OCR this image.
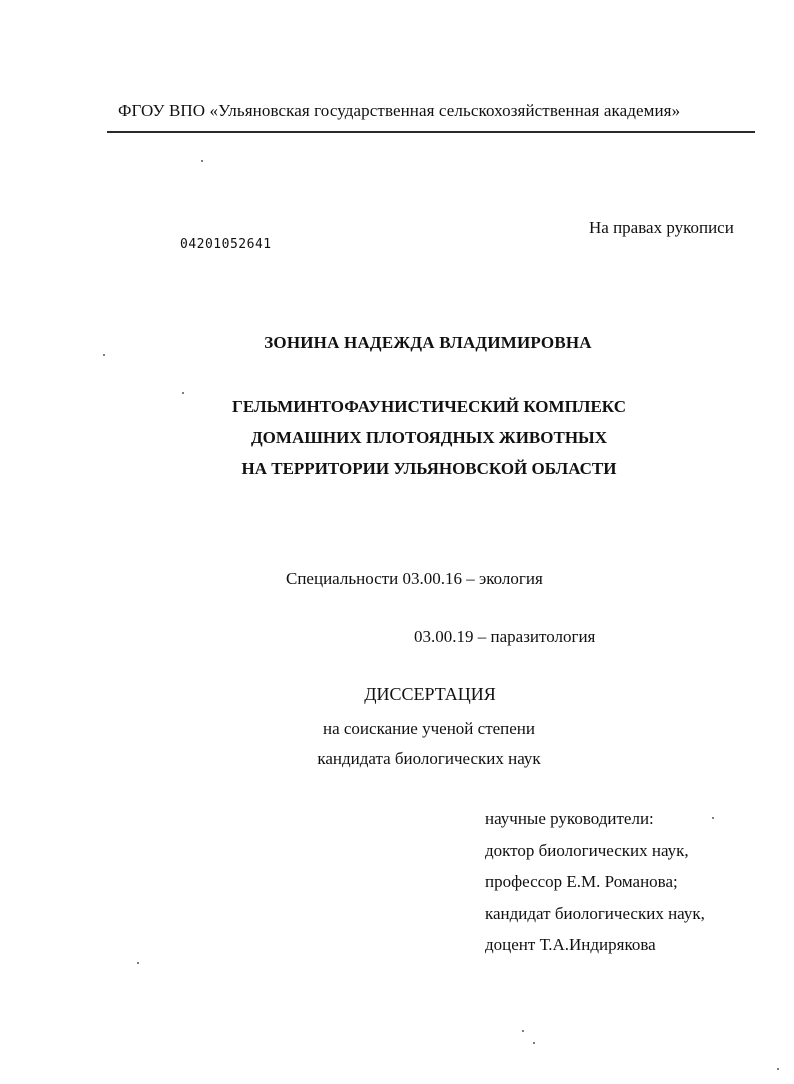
ФГОУ ВПО «Ульяновская государственная сельскохозяйственная академия»
На правах рукописи
04201052641
ЗОНИНА НАДЕЖДА ВЛАДИМИРОВНА
ГЕЛЬМИНТОФАУНИСТИЧЕСКИЙ КОМПЛЕКС
ДОМАШНИХ ПЛОТОЯДНЫХ ЖИВОТНЫХ
НА ТЕРРИТОРИИ УЛЬЯНОВСКОЙ ОБЛАСТИ
Специальности 03.00.16 – экология
03.00.19 – паразитология
ДИССЕРТАЦИЯ
на соискание ученой степени
кандидата биологических наук
научные руководители:
доктор биологических наук,
профессор Е.М. Романова;
кандидат биологических наук,
доцент Т.А.Индирякова
